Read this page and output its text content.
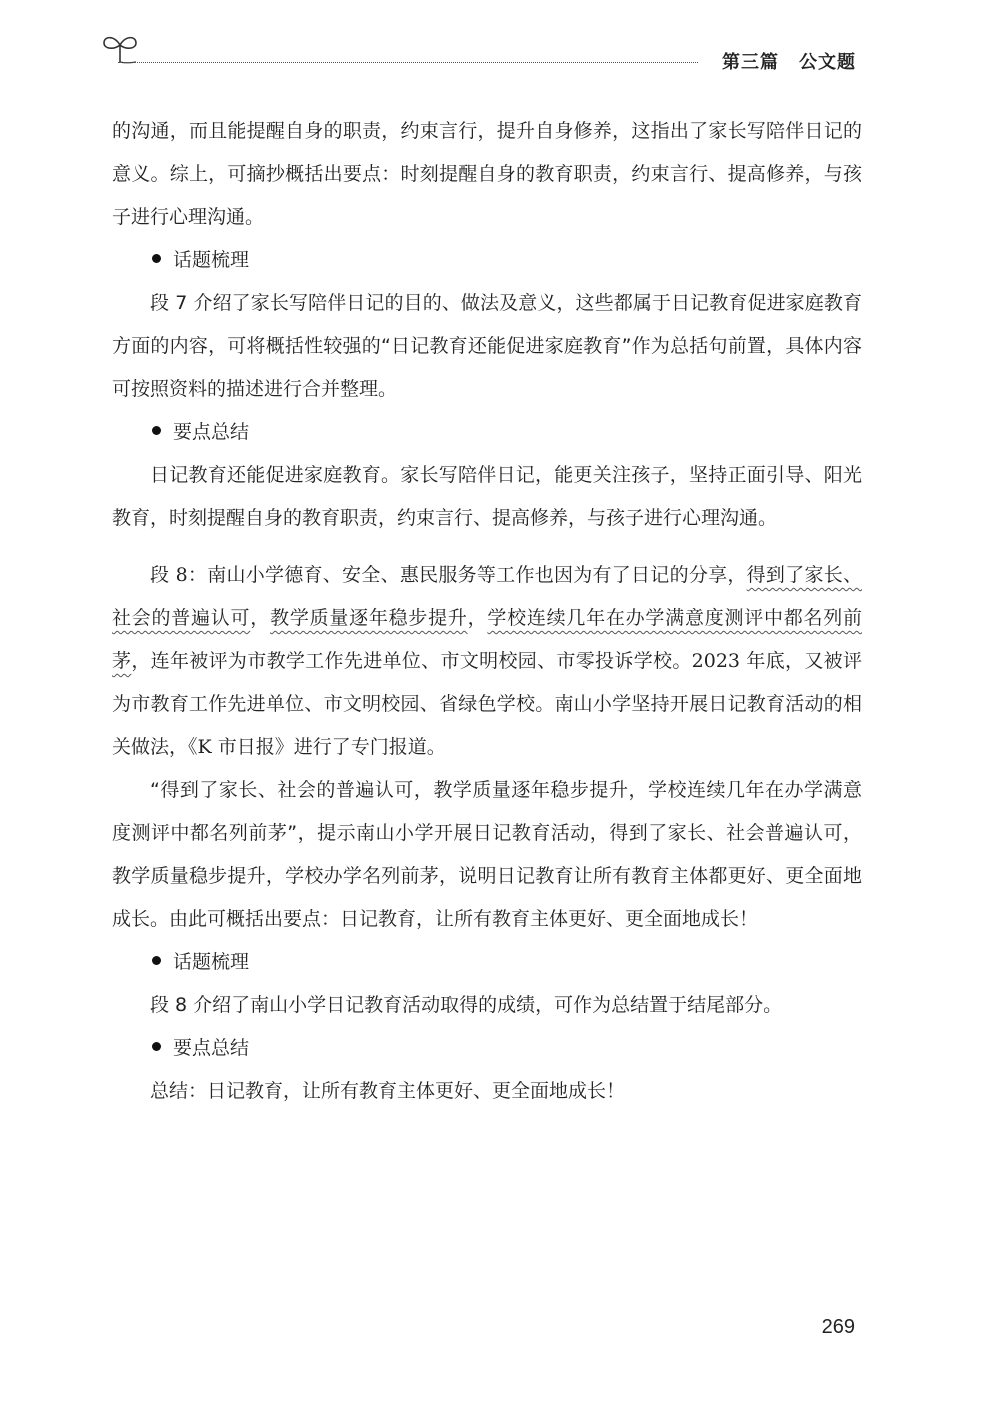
第三篇 公文题

的沟通，而且能提醒自身的职责，约束言行，提升自身修养，这指出了家长写陪伴日记的意义。综上，可摘抄概括出要点：时刻提醒自身的教育职责，约束言行、提高修养，与孩子进行心理沟通。

话题梳理

段 7 介绍了家长写陪伴日记的目的、做法及意义，这些都属于日记教育促进家庭教育方面的内容，可将概括性较强的“日记教育还能促进家庭教育”作为总括句前置，具体内容可按照资料的描述进行合并整理。

要点总结

日记教育还能促进家庭教育。家长写陪伴日记，能更关注孩子，坚持正面引导、阳光教育，时刻提醒自身的教育职责，约束言行、提高修养，与孩子进行心理沟通。

段 8：南山小学德育、安全、惠民服务等工作也因为有了日记的分享，得到了家长、社会的普遍认可，教学质量逐年稳步提升，学校连续几年在办学满意度测评中都名列前茅，连年被评为市教学工作先进单位、市文明校园、市零投诉学校。2023 年底，又被评为市教育工作先进单位、市文明校园、省绿色学校。南山小学坚持开展日记教育活动的相关做法，《K 市日报》进行了专门报道。

“得到了家长、社会的普遍认可，教学质量逐年稳步提升，学校连续几年在办学满意度测评中都名列前茅”，提示南山小学开展日记教育活动，得到了家长、社会普遍认可，教学质量稳步提升，学校办学名列前茅，说明日记教育让所有教育主体都更好、更全面地成长。由此可概括出要点：日记教育，让所有教育主体更好、更全面地成长！

话题梳理

段 8 介绍了南山小学日记教育活动取得的成绩，可作为总结置于结尾部分。

要点总结

总结：日记教育，让所有教育主体更好、更全面地成长！

269
